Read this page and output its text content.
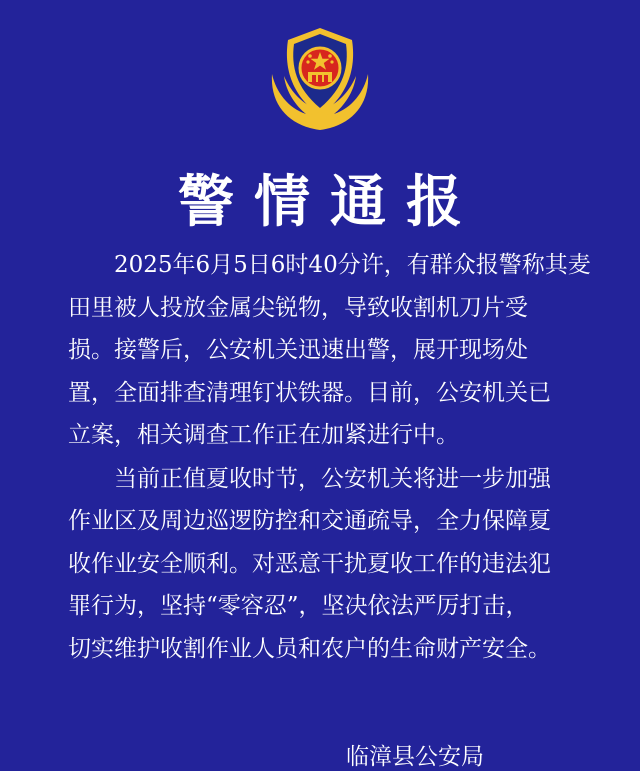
警情通报

2025年6月5日6时40分许，有群众报警称其麦
田里被人投放金属尖锐物，导致收割机刀片受
损。接警后，公安机关迅速出警，展开现场处
置，全面排查清理钉状铁器。目前，公安机关已
立案，相关调查工作正在加紧进行中。

当前正值夏收时节，公安机关将进一步加强
作业区及周边巡逻防控和交通疏导，全力保障夏
收作业安全顺利。对恶意干扰夏收工作的违法犯
罪行为，坚持“零容忍”，坚决依法严厉打击，
切实维护收割作业人员和农户的生命财产安全。

临漳县公安局
